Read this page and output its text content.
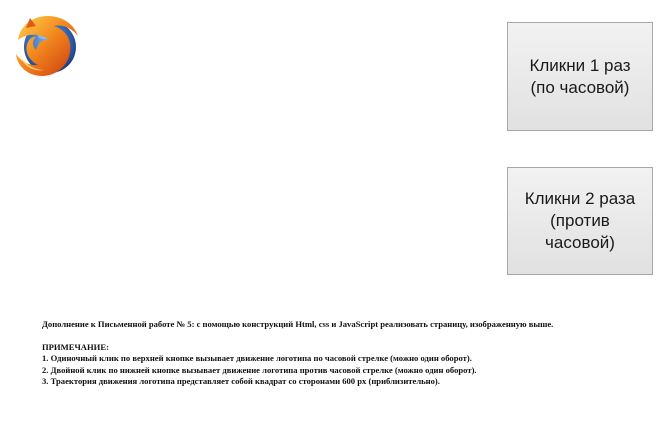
Кликни 1 раз
(по часовой)
Кликни 2 раза
(против
часовой)

Дополнение к Письменной работе № 5: с помощью конструкций Html, css и JavaScript реализовать страницу, изображенную выше.

ПРИМЕЧАНИЕ:

1. Одиночный клик по верхней кнопке вызывает движение логотипа по часовой стрелке (можно один оборот).

2. Двойной клик по нижней кнопке вызывает движение логотипа против часовой стрелке (можно один оборот).

3. Траектория движения логотипа представляет собой квадрат со сторонами 600 px (приблизительно).
